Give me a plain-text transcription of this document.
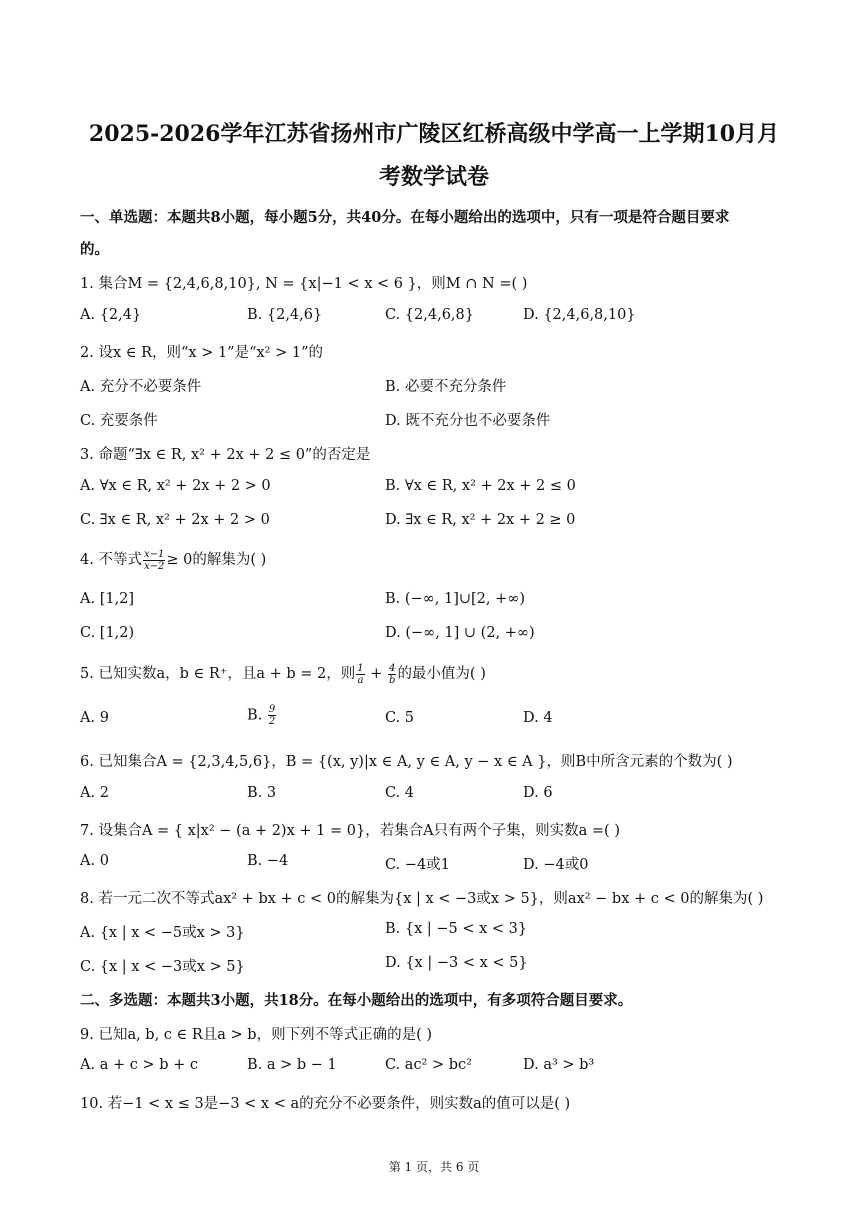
2025-2026学年江苏省扬州市广陵区红桥高级中学高一上学期10月月
考数学试卷
一、单选题：本题共8小题，每小题5分，共40分。在每小题给出的选项中，只有一项是符合题目要求
的。
1. 集合M = {2,4,6,8,10}, N = {x|−1 < x < 6 }，则M ∩ N =( )
A. {2,4}	B. {2,4,6}	C. {2,4,6,8}	D. {2,4,6,8,10}
2. 设x ∈ R，则“x > 1”是“x² > 1”的
A. 充分不必要条件	B. 必要不充分条件
C. 充要条件	D. 既不充分也不必要条件
3. 命题“∃x ∈ R, x² + 2x + 2 ≤ 0”的否定是
A. ∀x ∈ R, x² + 2x + 2 > 0	B. ∀x ∈ R, x² + 2x + 2 ≤ 0
C. ∃x ∈ R, x² + 2x + 2 > 0	D. ∃x ∈ R, x² + 2x + 2 ≥ 0
4. 不等式 $\frac{x-1}{x-2} \ge 0$的解集为( )
A. [1,2]	B. (−∞, 1]∪[2, +∞)
C. [1,2)	D. (−∞, 1] ∪ (2, +∞)
5. 已知实数a，b ∈ R⁺，且a + b = 2，则 $\frac{1}{a} + \frac{4}{b}$ 的最小值为( )
A. 9	B. $\frac{9}{2}$	C. 5	D. 4
6. 已知集合A = {2,3,4,5,6}，B = {(x, y)|x ∈ A, y ∈ A, y − x ∈ A }，则B中所含元素的个数为( )
A. 2	B. 3	C. 4	D. 6
7. 设集合A = { x|x² − (a + 2)x + 1 = 0}，若集合A只有两个子集，则实数a =( )
A. 0	B. −4	C. −4或1	D. −4或0
8. 若一元二次不等式ax² + bx + c < 0的解集为{x | x < −3或x > 5}，则ax² − bx + c < 0的解集为( )
A. {x | x < −5或x > 3}	B. {x | −5 < x < 3}
C. {x | x < −3或x > 5}	D. {x | −3 < x < 5}
二、多选题：本题共3小题，共18分。在每小题给出的选项中，有多项符合题目要求。
9. 已知a, b, c ∈ R且a > b，则下列不等式正确的是( )
A. a + c > b + c	B. a > b − 1	C. ac² > bc²	D. a³ > b³
10. 若−1 < x ≤ 3是−3 < x < a的充分不必要条件，则实数a的值可以是( )
第 1 页，共 6 页
